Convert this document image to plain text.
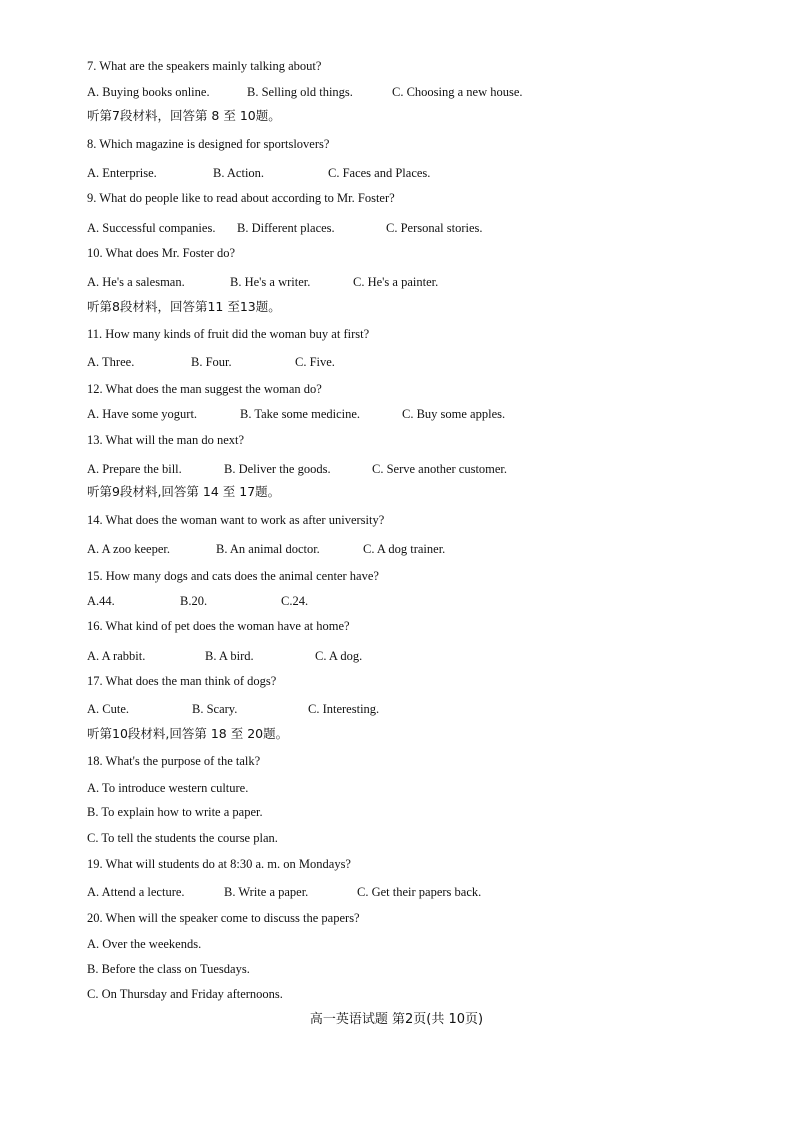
7. What are the speakers mainly talking about?
A. Buying books online.	B. Selling old things.	C. Choosing a new house.
听第7段材料，回答第 8 至 10题。
8. Which magazine is designed for sportslovers?
A. Enterprise.	B. Action.	C. Faces and Places.
9. What do people like to read about according to Mr. Foster?
A. Successful companies. B. Different places.	C. Personal stories.
10. What does Mr. Foster do?
A. He's a salesman.	B. He's a writer.	C. He's a painter.
听第8段材料，回答第11 至13题。
11. How many kinds of fruit did the woman buy at first?
A. Three.	B. Four.	C. Five.
12. What does the man suggest the woman do?
A. Have some yogurt.	B. Take some medicine.	C. Buy some apples.
13. What will the man do next?
A. Prepare the bill.	B. Deliver the goods.	C. Serve another customer.
听第9段材料,回答第 14 至 17题。
14. What does the woman want to work as after university?
A. A zoo keeper.	B. An animal doctor.	C. A dog trainer.
15. How many dogs and cats does the animal center have?
A.44.	B.20.	C.24.
16. What kind of pet does the woman have at home?
A. A rabbit.	B. A bird.	C. A dog.
17. What does the man think of dogs?
A. Cute.	B. Scary.	C. Interesting.
听第10段材料,回答第 18 至 20题。
18. What's the purpose of the talk?
A. To introduce western culture.
B. To explain how to write a paper.
C. To tell the students the course plan.
19. What will students do at 8:30 a. m. on Mondays?
A. Attend a lecture.	B. Write a paper.	C. Get their papers back.
20. When will the speaker come to discuss the papers?
A. Over the weekends.
B. Before the class on Tuesdays.
C. On Thursday and Friday afternoons.
高一英语试题 第2页(共 10页)
